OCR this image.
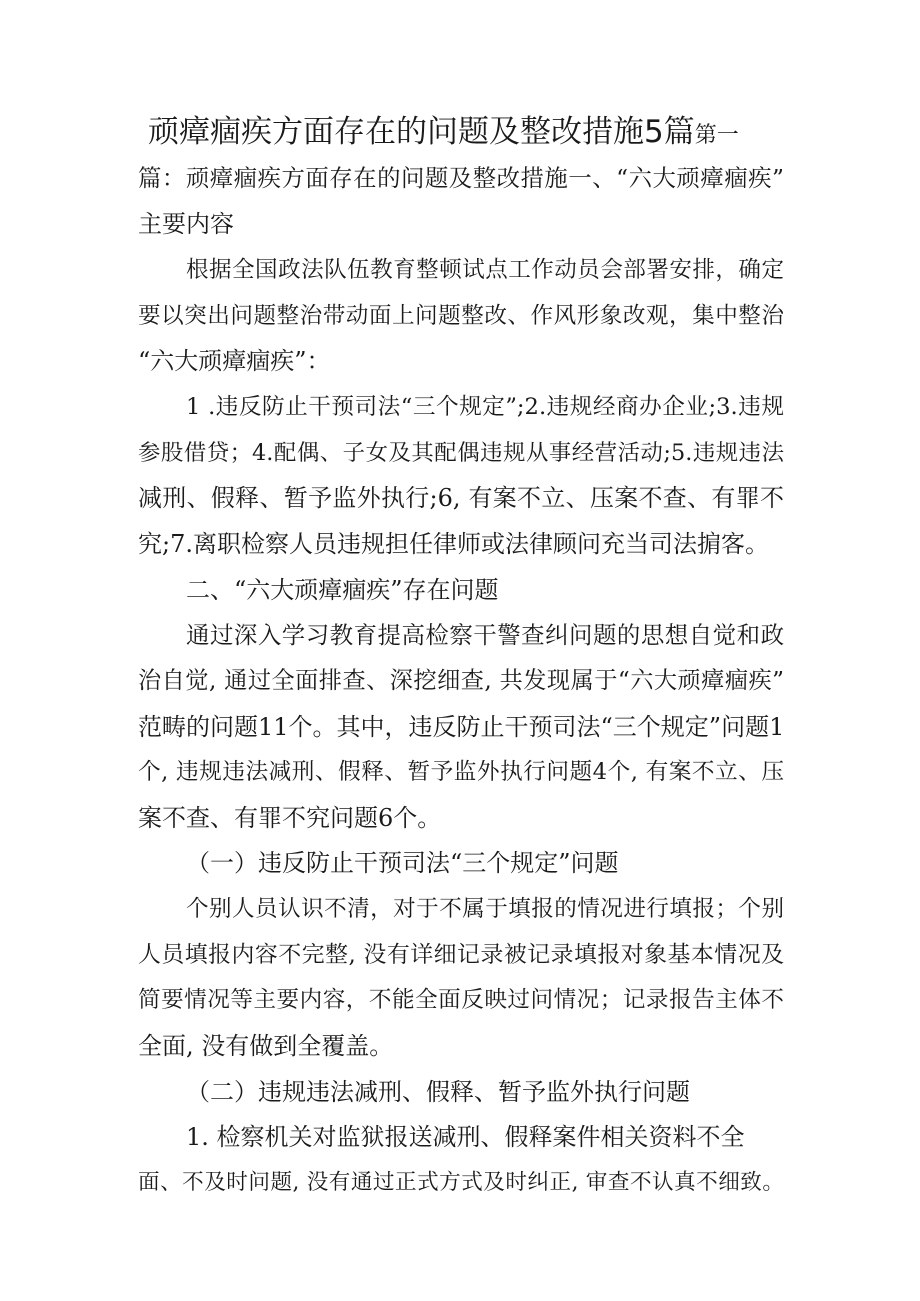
顽瘴痼疾方面存在的问题及整改措施5篇第一
篇：顽瘴痼疾方面存在的问题及整改措施一、“六大顽瘴痼疾”
主要内容
根据全国政法队伍教育整顿试点工作动员会部署安排，确定
要以突出问题整治带动面上问题整改、作风形象改观，集中整治
“六大顽瘴痼疾”：
1 .违反防止干预司法“三个规定”;2.违规经商办企业;3.违规
参股借贷；4.配偶、子女及其配偶违规从事经营活动;5.违规违法
减刑、假释、暂予监外执行;6, 有案不立、压案不查、有罪不
究;7.离职检察人员违规担任律师或法律顾问充当司法掮客。
二、“六大顽瘴痼疾”存在问题
通过深入学习教育提高检察干警查纠问题的思想自觉和政
治自觉, 通过全面排查、深挖细查, 共发现属于“六大顽瘴痼疾”
范畴的问题11个。其中，违反防止干预司法“三个规定”问题1
个, 违规违法减刑、假释、暂予监外执行问题4个, 有案不立、压
案不查、有罪不究问题6个。
（一）违反防止干预司法“三个规定”问题
个别人员认识不清，对于不属于填报的情况进行填报；个别
人员填报内容不完整, 没有详细记录被记录填报对象基本情况及
简要情况等主要内容，不能全面反映过问情况；记录报告主体不
全面, 没有做到全覆盖。
（二）违规违法减刑、假释、暂予监外执行问题
1. 检察机关对监狱报送减刑、假释案件相关资料不全
面、不及时问题, 没有通过正式方式及时纠正, 审查不认真不细致。
